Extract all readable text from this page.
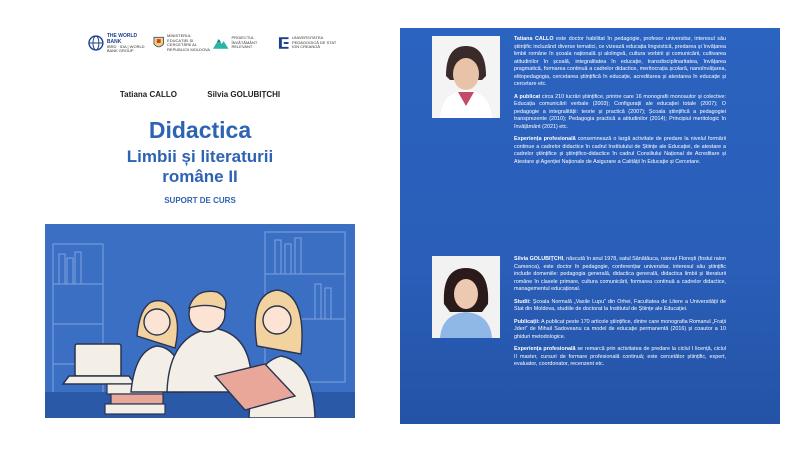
THE WORLD BANK
IBRD · IDA | WORLD BANK GROUP
MINISTERUL EDUCAȚIEI ȘI CERCETĂRII AL REPUBLICII MOLDOVA
PROIECTUL ÎNVĂȚĂMÂNT RELEVANT
UNIVERSITATEA PEDAGOGICĂ DE STAT ION CREANGĂ
Tatiana CALLO	Silvia GOLUBIȚCHI
Didactica
Limbii și literaturii
române II
SUPORT DE CURS

Tatiana CALLO este doctor habilitat în pedagogie, profesor universitar, interesul său științific incluzând diverse tematici, ce vizează educația lingvistică, predarea și învățarea limbii române în școala națională și alolingvă, cultura vorbirii și comunicării, cultivarea atitudinilor în școală, integralitatea în educație, transdisciplinaritatea, învățarea pragmatică, formarea continuă a cadrelor didactice, meritocrația școlară, nanoînvățarea, elitopedagogia, cercetarea științifică în educație, acreditarea și atestarea în educație și cercetare etc.

A publicat circa 210 lucrări științifice, printre care 16 monografii monoautor și colective: Educația comunicării verbale (2003); Configurații ale educației totale (2007); O pedagogie a integralității: teorie și practică (2007); Școala științifică a pedagogiei transprezente (2010); Pedagogia practică a atitudinilor (2014); Principiul meritologic în învățământ (2021) etc.

Experiența profesională consemnează o largă activitate de predare la nivelul formării continue a cadrelor didactice în cadrul Institutului de Științe ale Educației, de atestare a cadrelor științifice și științifico-didactice în cadrul Consiliului Național de Acreditare și Atestare și Agenției Naționale de Asigurare a Calității în Educație și Cercetare.

Silvia GOLUBIȚCHI, născută în anul 1978, satul Sănătăuca, raionul Florești (fostul raion Camenca), este doctor în pedagogie, conferențiar universitar, interesul său științific include domeniile: pedagogia generală, didactica generală, didactica limbii și literaturii române în clasele primare, cultura comunicării, formarea continuă a cadrelor didactice, managementul educațional.

Studii: Școala Normală „Vasile Lupu” din Orhei, Facultatea de Litere a Universității de Stat din Moldova, studiile de doctorat la Institutul de Științe ale Educației.

Publicații: A publicat peste 170 articole științifice, dintre care monografia Romanul „Frații Jderi” de Mihail Sadoveanu ca model de educație permanentă (2016) și coautor a 10 ghiduri metodologice.

Experiența profesională se remarcă prin activitatea de predare la ciclul I licență, ciclul II master, cursuri de formare profesională continuă; este cercetător științific, expert, evaluator, coordonator, recenzent etc.
